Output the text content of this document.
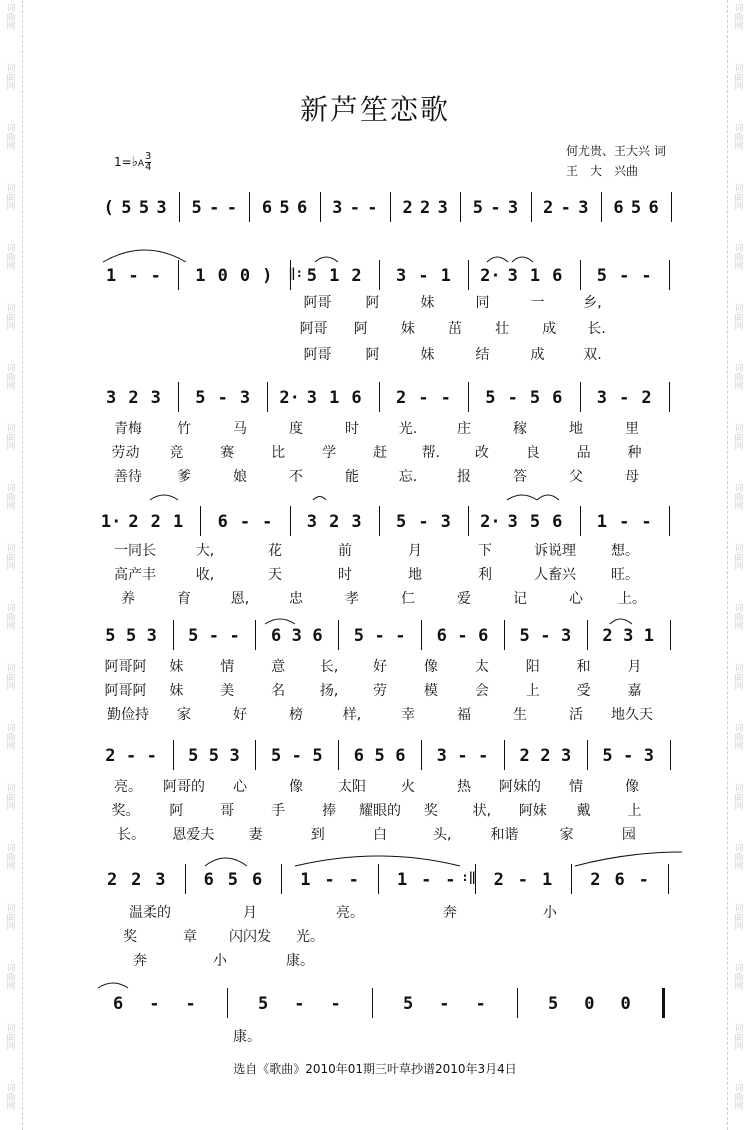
词
曲
网
词
曲
网
词
曲
网
词
曲
网
词
曲
网
词
曲
网
词
曲
网
词
曲
网
词
曲
网
词
曲
网
词
曲
网
词
曲
网
词
曲
网
词
曲
网
词
曲
网
词
曲
网
词
曲
网
词
曲
网
词
曲
网
词
曲
网
词
曲
网
词
曲
网
词
曲
网
词
曲
网
词
曲
网
词
曲
网
词
曲
网
词
曲
网
词
曲
网
词
曲
网
词
曲
网
词
曲
网
词
曲
网
词
曲
网
词
曲
网
词
曲
网
词
曲
网
词
曲
网
新芦笙恋歌
何尤贵、王大兴 词
王　大　兴曲
1=♭A $\frac{3}{4}$
( 5 5 3 5 - - 6 5 6 3 - - 2 2 3 5 - 3 2 - 3 6 5 6
1 - - 1 0 0 ) ‖: 5 1 2 3 - 1 2· 3 1 6 5 - -
3 2 3 5 - 3 2· 3 1 6 2 - - 5 - 5 6 3 - 2
1· 2 2 1 6 - - 3 2 3 5 - 3 2· 3 5 6 1 - -
5 5 3 5 - - 6 3 6 5 - - 6 - 6 5 - 3 2 3 1
2 - - 5 5 3 5 - 5 6 5 6 3 - - 2 2 3 5 - 3
2 2 3 6 5 6 1 - - 1 - - :‖ 2 - 1 2 6 -
6 - -	5 - -	5 - -	5 0 0
阿哥 阿	妹	同	一	乡,
阿哥 阿 妹 茁 壮 成 长.
阿哥 阿	妹	结	成	双.
青梅	竹	马	度	时	光.	庄	稼	地	里
劳动 竞	赛	比	学	赶 帮. 改	良	品	种
善待	爹	娘	不	能	忘.	报	答	父	母
一同长	大,	花	前	月	下	诉说理	想。
高产丰	收,	天	时	地	利	人畜兴	旺。
养	育	恩,	忠	孝	仁	爱	记	心	上。
阿哥阿 妹	情	意 长, 好	像	太	阳	和	月
阿哥阿 妹	美	名 扬, 劳	模	会	上	受	嘉
勤俭持 家	好	榜	样,	幸	福	生	活 地久天
亮。 阿哥的 心	像	太阳	火	热 阿妹的 情	像
奖。 阿	哥	手	捧 耀眼的 奖 状, 阿妹 戴	上
长。 恩爱夫 妻	到	白	头,	和谐	家	园
温柔的	月	亮。	奔	小
奖	章 闪闪发 光。
奔	小	康。
康。
选自《歌曲》2010年01期三叶草抄谱2010年3月4日
